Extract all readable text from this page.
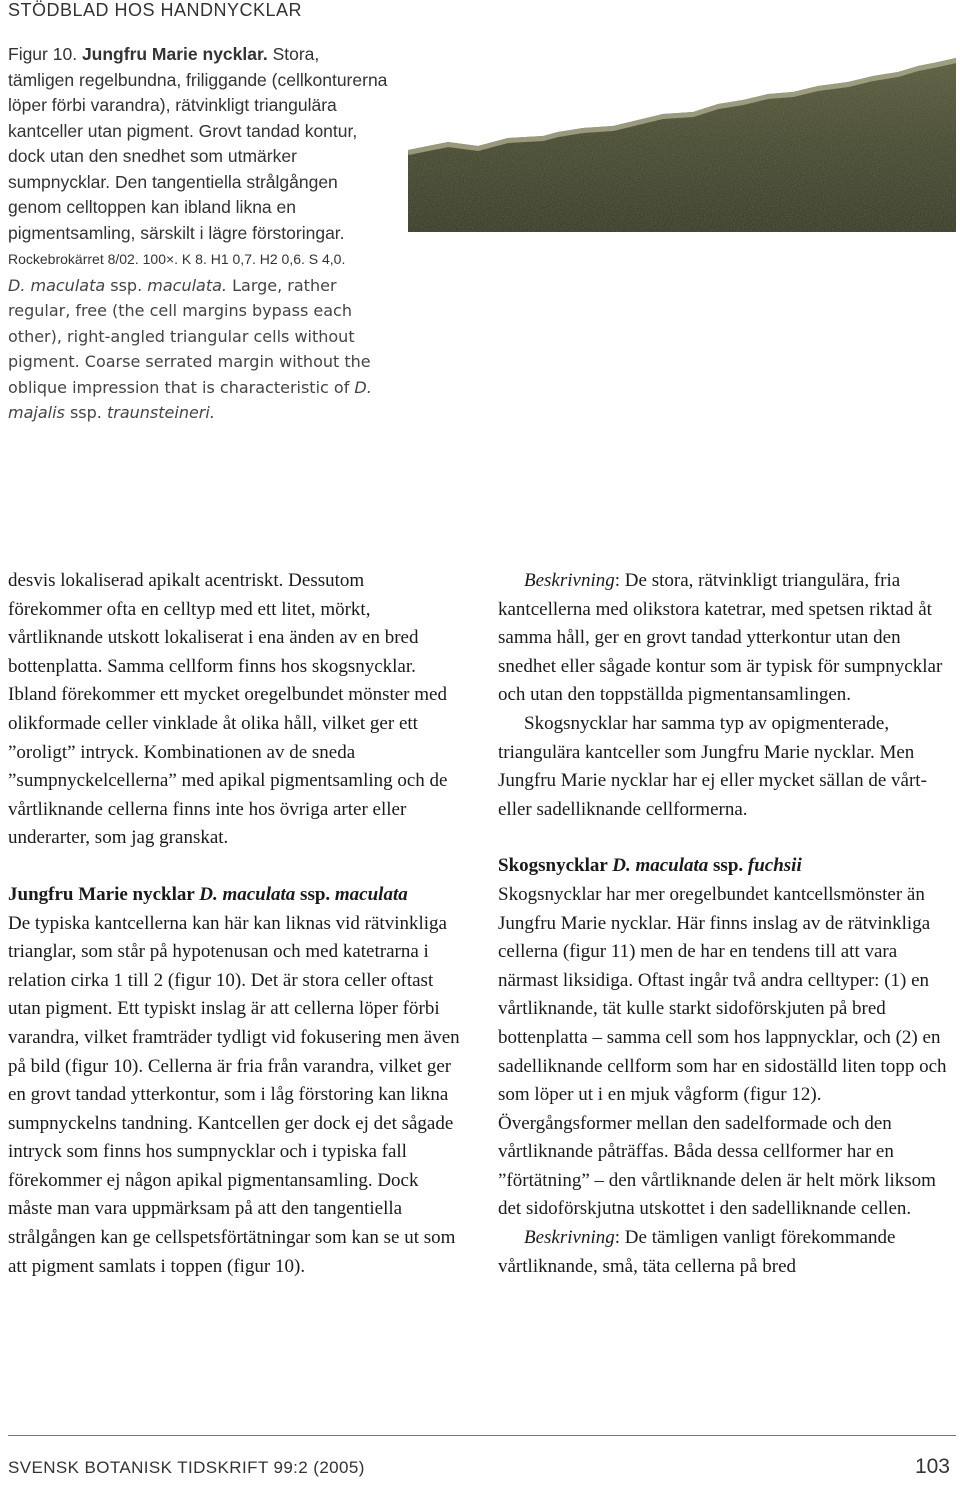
STÖDBLAD HOS HANDNYCKLAR

Figur 10. Jungfru Marie nycklar. Stora, tämligen regelbundna, friliggande (cellkonturerna löper förbi varandra), rätvinkligt triangulära kantceller utan pigment. Grovt tandad kontur, dock utan den snedhet som utmärker sumpnycklar. Den tangentiella strålgången genom celltoppen kan ibland likna en pigmentsamling, särskilt i lägre förstoringar. Rockebrokärret 8/02. 100×. K 8. H1 0,7. H2 0,6. S 4,0.

D. maculata ssp. maculata. Large, rather regular, free (the cell margins bypass each other), right-angled triangular cells without pigment. Coarse serrated margin without the oblique impression that is characteristic of D. majalis ssp. traunsteineri.

desvis lokaliserad apikalt acentriskt. Dessutom förekommer ofta en celltyp med ett litet, mörkt, vårtliknande utskott lokaliserat i ena änden av en bred bottenplatta. Samma cellform finns hos skogsnycklar. Ibland förekommer ett mycket oregelbundet mönster med olikformade celler vinklade åt olika håll, vilket ger ett ”oroligt” intryck. Kombinationen av de sneda ”sumpnyckelcellerna” med apikal pigmentsamling och de vårtliknande cellerna finns inte hos övriga arter eller underarter, som jag granskat.

Jungfru Marie nycklar D. maculata ssp. maculata

De typiska kantcellerna kan här kan liknas vid rätvinkliga trianglar, som står på hypotenusan och med katetrarna i relation cirka 1 till 2 (figur 10). Det är stora celler oftast utan pigment. Ett typiskt inslag är att cellerna löper förbi varandra, vilket framträder tydligt vid fokusering men även på bild (figur 10). Cellerna är fria från varandra, vilket ger en grovt tandad ytterkontur, som i låg förstoring kan likna sumpnyckelns tandning. Kantcellen ger dock ej det sågade intryck som finns hos sumpnycklar och i typiska fall förekommer ej någon apikal pigmentansamling. Dock måste man vara uppmärksam på att den tangentiella strålgången kan ge cellspetsförtätningar som kan se ut som att pigment samlats i toppen (figur 10).

Beskrivning: De stora, rätvinkligt triangulära, fria kantcellerna med olikstora katetrar, med spetsen riktad åt samma håll, ger en grovt tandad ytterkontur utan den snedhet eller sågade kontur som är typisk för sumpnycklar och utan den toppställda pigmentansamlingen.

Skogsnycklar har samma typ av opigmenterade, triangulära kantceller som Jungfru Marie nycklar. Men Jungfru Marie nycklar har ej eller mycket sällan de vårt- eller sadelliknande cellformerna.

Skogsnycklar D. maculata ssp. fuchsii

Skogsnycklar har mer oregelbundet kantcellsmönster än Jungfru Marie nycklar. Här finns inslag av de rätvinkliga cellerna (figur 11) men de har en tendens till att vara närmast liksidiga. Oftast ingår två andra celltyper: (1) en vårtliknande, tät kulle starkt sidoförskjuten på bred bottenplatta – samma cell som hos lappnycklar, och (2) en sadelliknande cellform som har en sidoställd liten topp och som löper ut i en mjuk vågform (figur 12). Övergångsformer mellan den sadelformade och den vårtliknande påträffas. Båda dessa cellformer har en ”förtätning” – den vårtliknande delen är helt mörk liksom det sidoförskjutna utskottet i den sadelliknande cellen.

Beskrivning: De tämligen vanligt förekommande vårtliknande, små, täta cellerna på bred

SVENSK BOTANISK TIDSKRIFT 99:2 (2005)	103
